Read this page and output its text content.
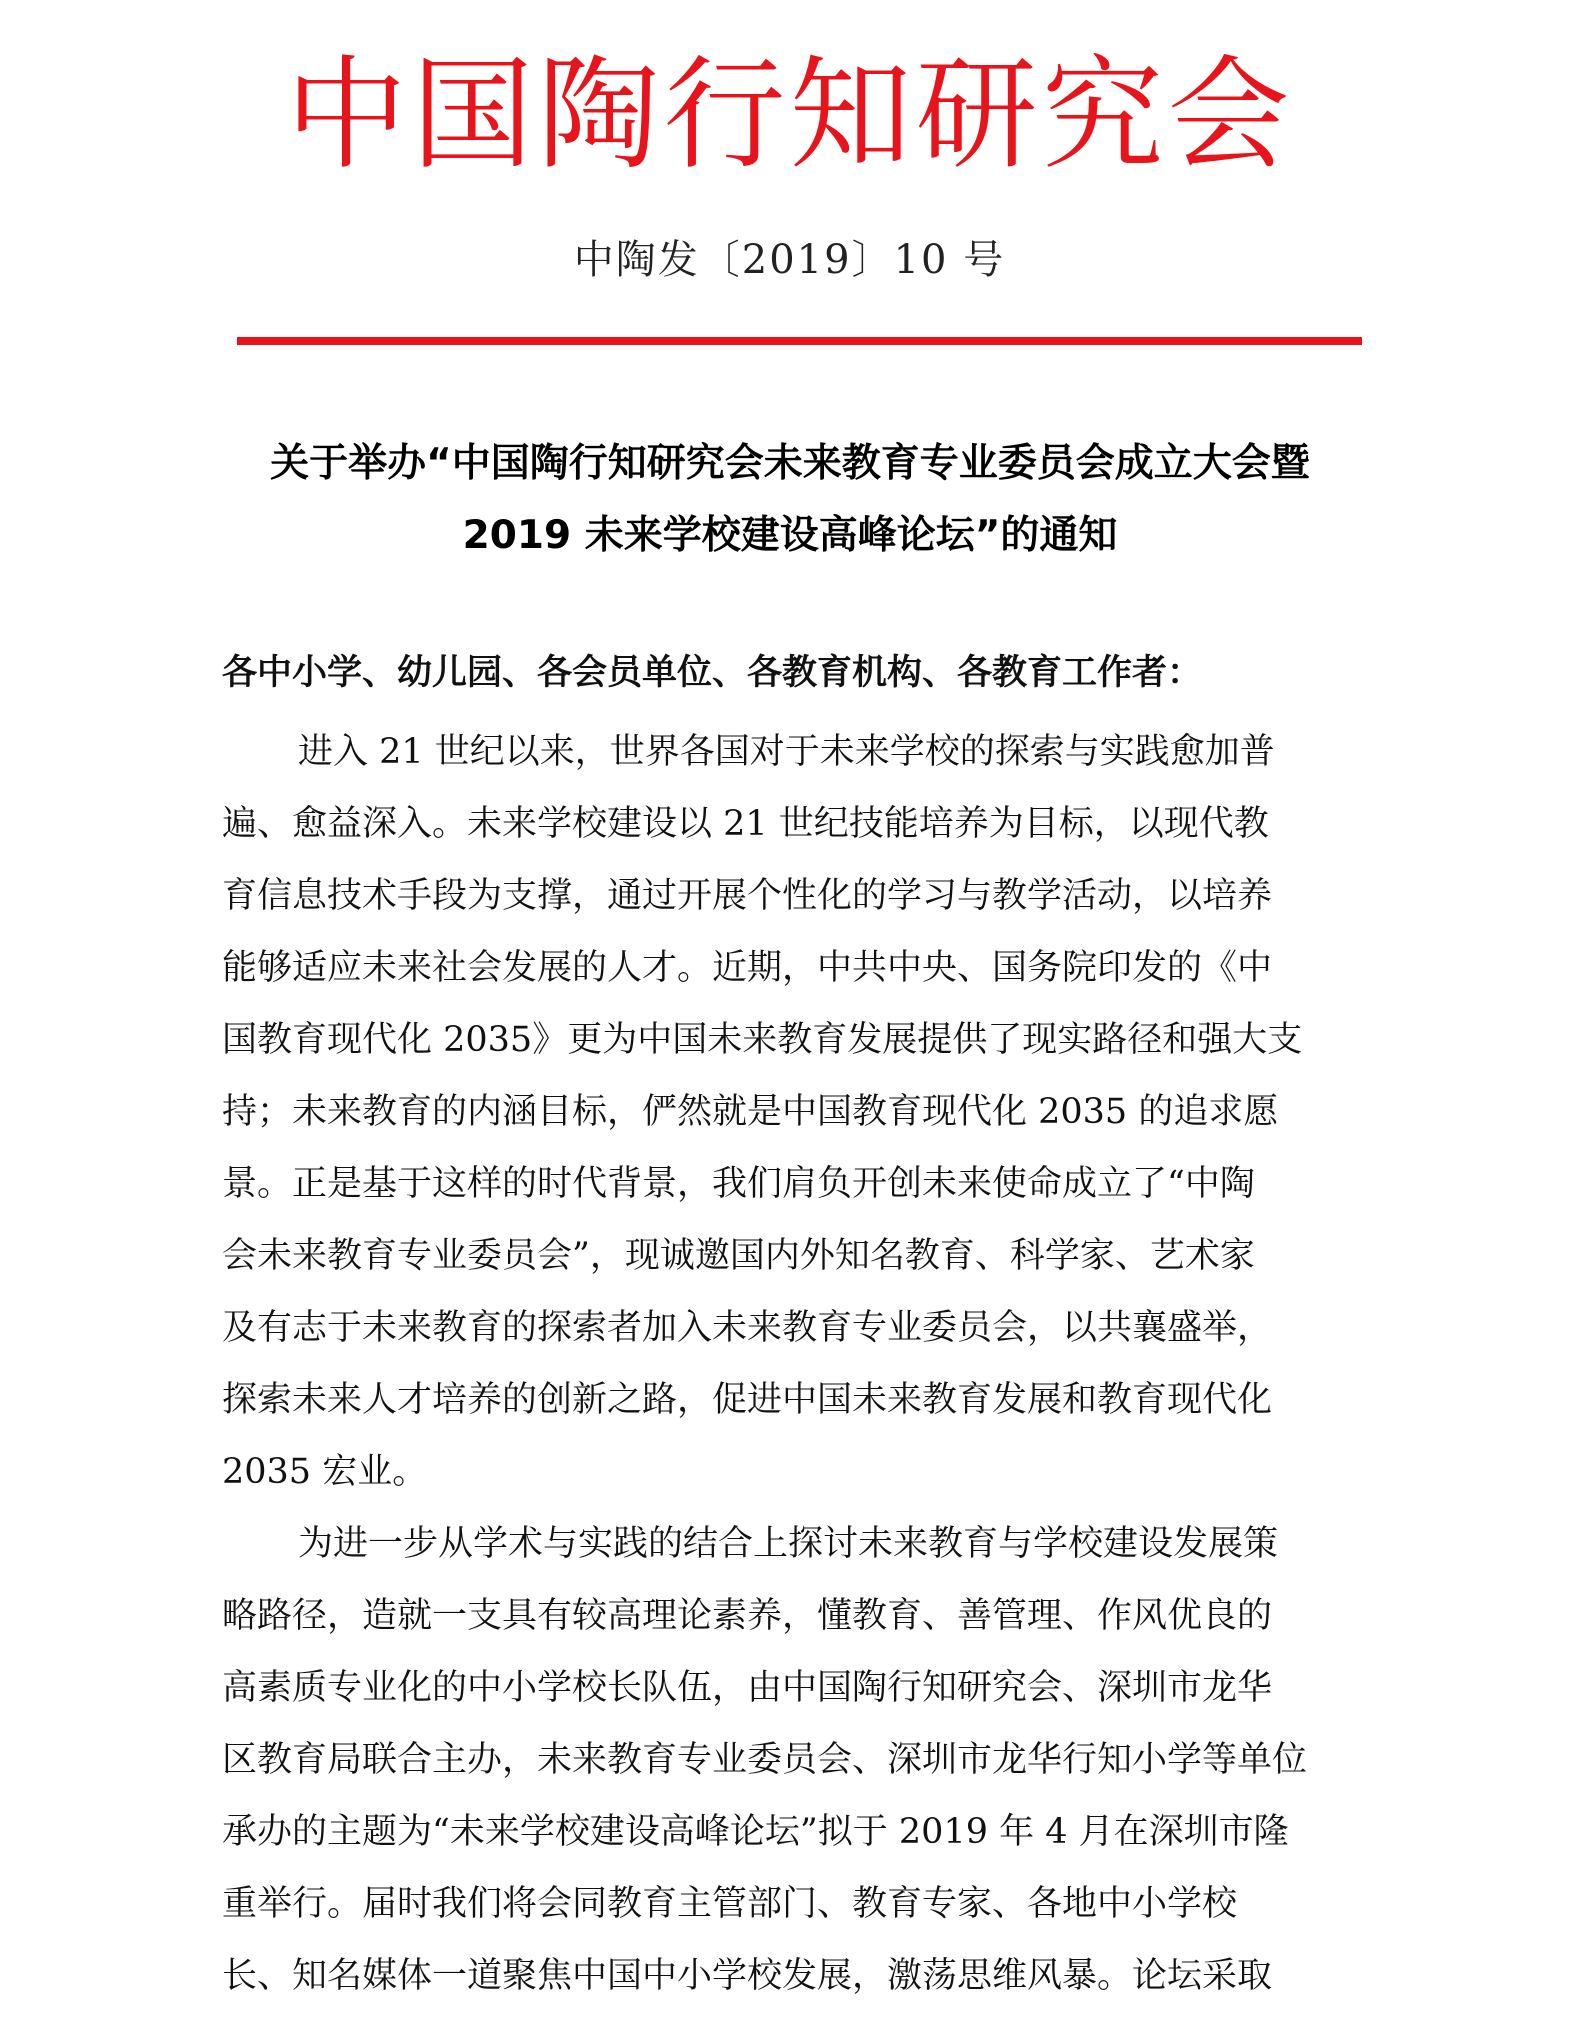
中国陶行知研究会
中陶发〔2019〕10 号
关于举办“中国陶行知研究会未来教育专业委员会成立大会暨
2019 未来学校建设高峰论坛”的通知
各中小学、幼儿园、各会员单位、各教育机构、各教育工作者：
进入 21 世纪以来，世界各国对于未来学校的探索与实践愈加普
遍、愈益深入。未来学校建设以 21 世纪技能培养为目标，以现代教
育信息技术手段为支撑，通过开展个性化的学习与教学活动，以培养
能够适应未来社会发展的人才。近期，中共中央、国务院印发的《中
国教育现代化 2035》更为中国未来教育发展提供了现实路径和强大支
持；未来教育的内涵目标，俨然就是中国教育现代化 2035 的追求愿
景。正是基于这样的时代背景，我们肩负开创未来使命成立了“中陶
会未来教育专业委员会”，现诚邀国内外知名教育、科学家、艺术家
及有志于未来教育的探索者加入未来教育专业委员会，以共襄盛举，
探索未来人才培养的创新之路，促进中国未来教育发展和教育现代化
2035 宏业。
为进一步从学术与实践的结合上探讨未来教育与学校建设发展策
略路径，造就一支具有较高理论素养，懂教育、善管理、作风优良的
高素质专业化的中小学校长队伍，由中国陶行知研究会、深圳市龙华
区教育局联合主办，未来教育专业委员会、深圳市龙华行知小学等单位
承办的主题为“未来学校建设高峰论坛”拟于 2019 年 4 月在深圳市隆
重举行。届时我们将会同教育主管部门、教育专家、各地中小学校
长、知名媒体一道聚焦中国中小学校发展，激荡思维风暴。论坛采取
